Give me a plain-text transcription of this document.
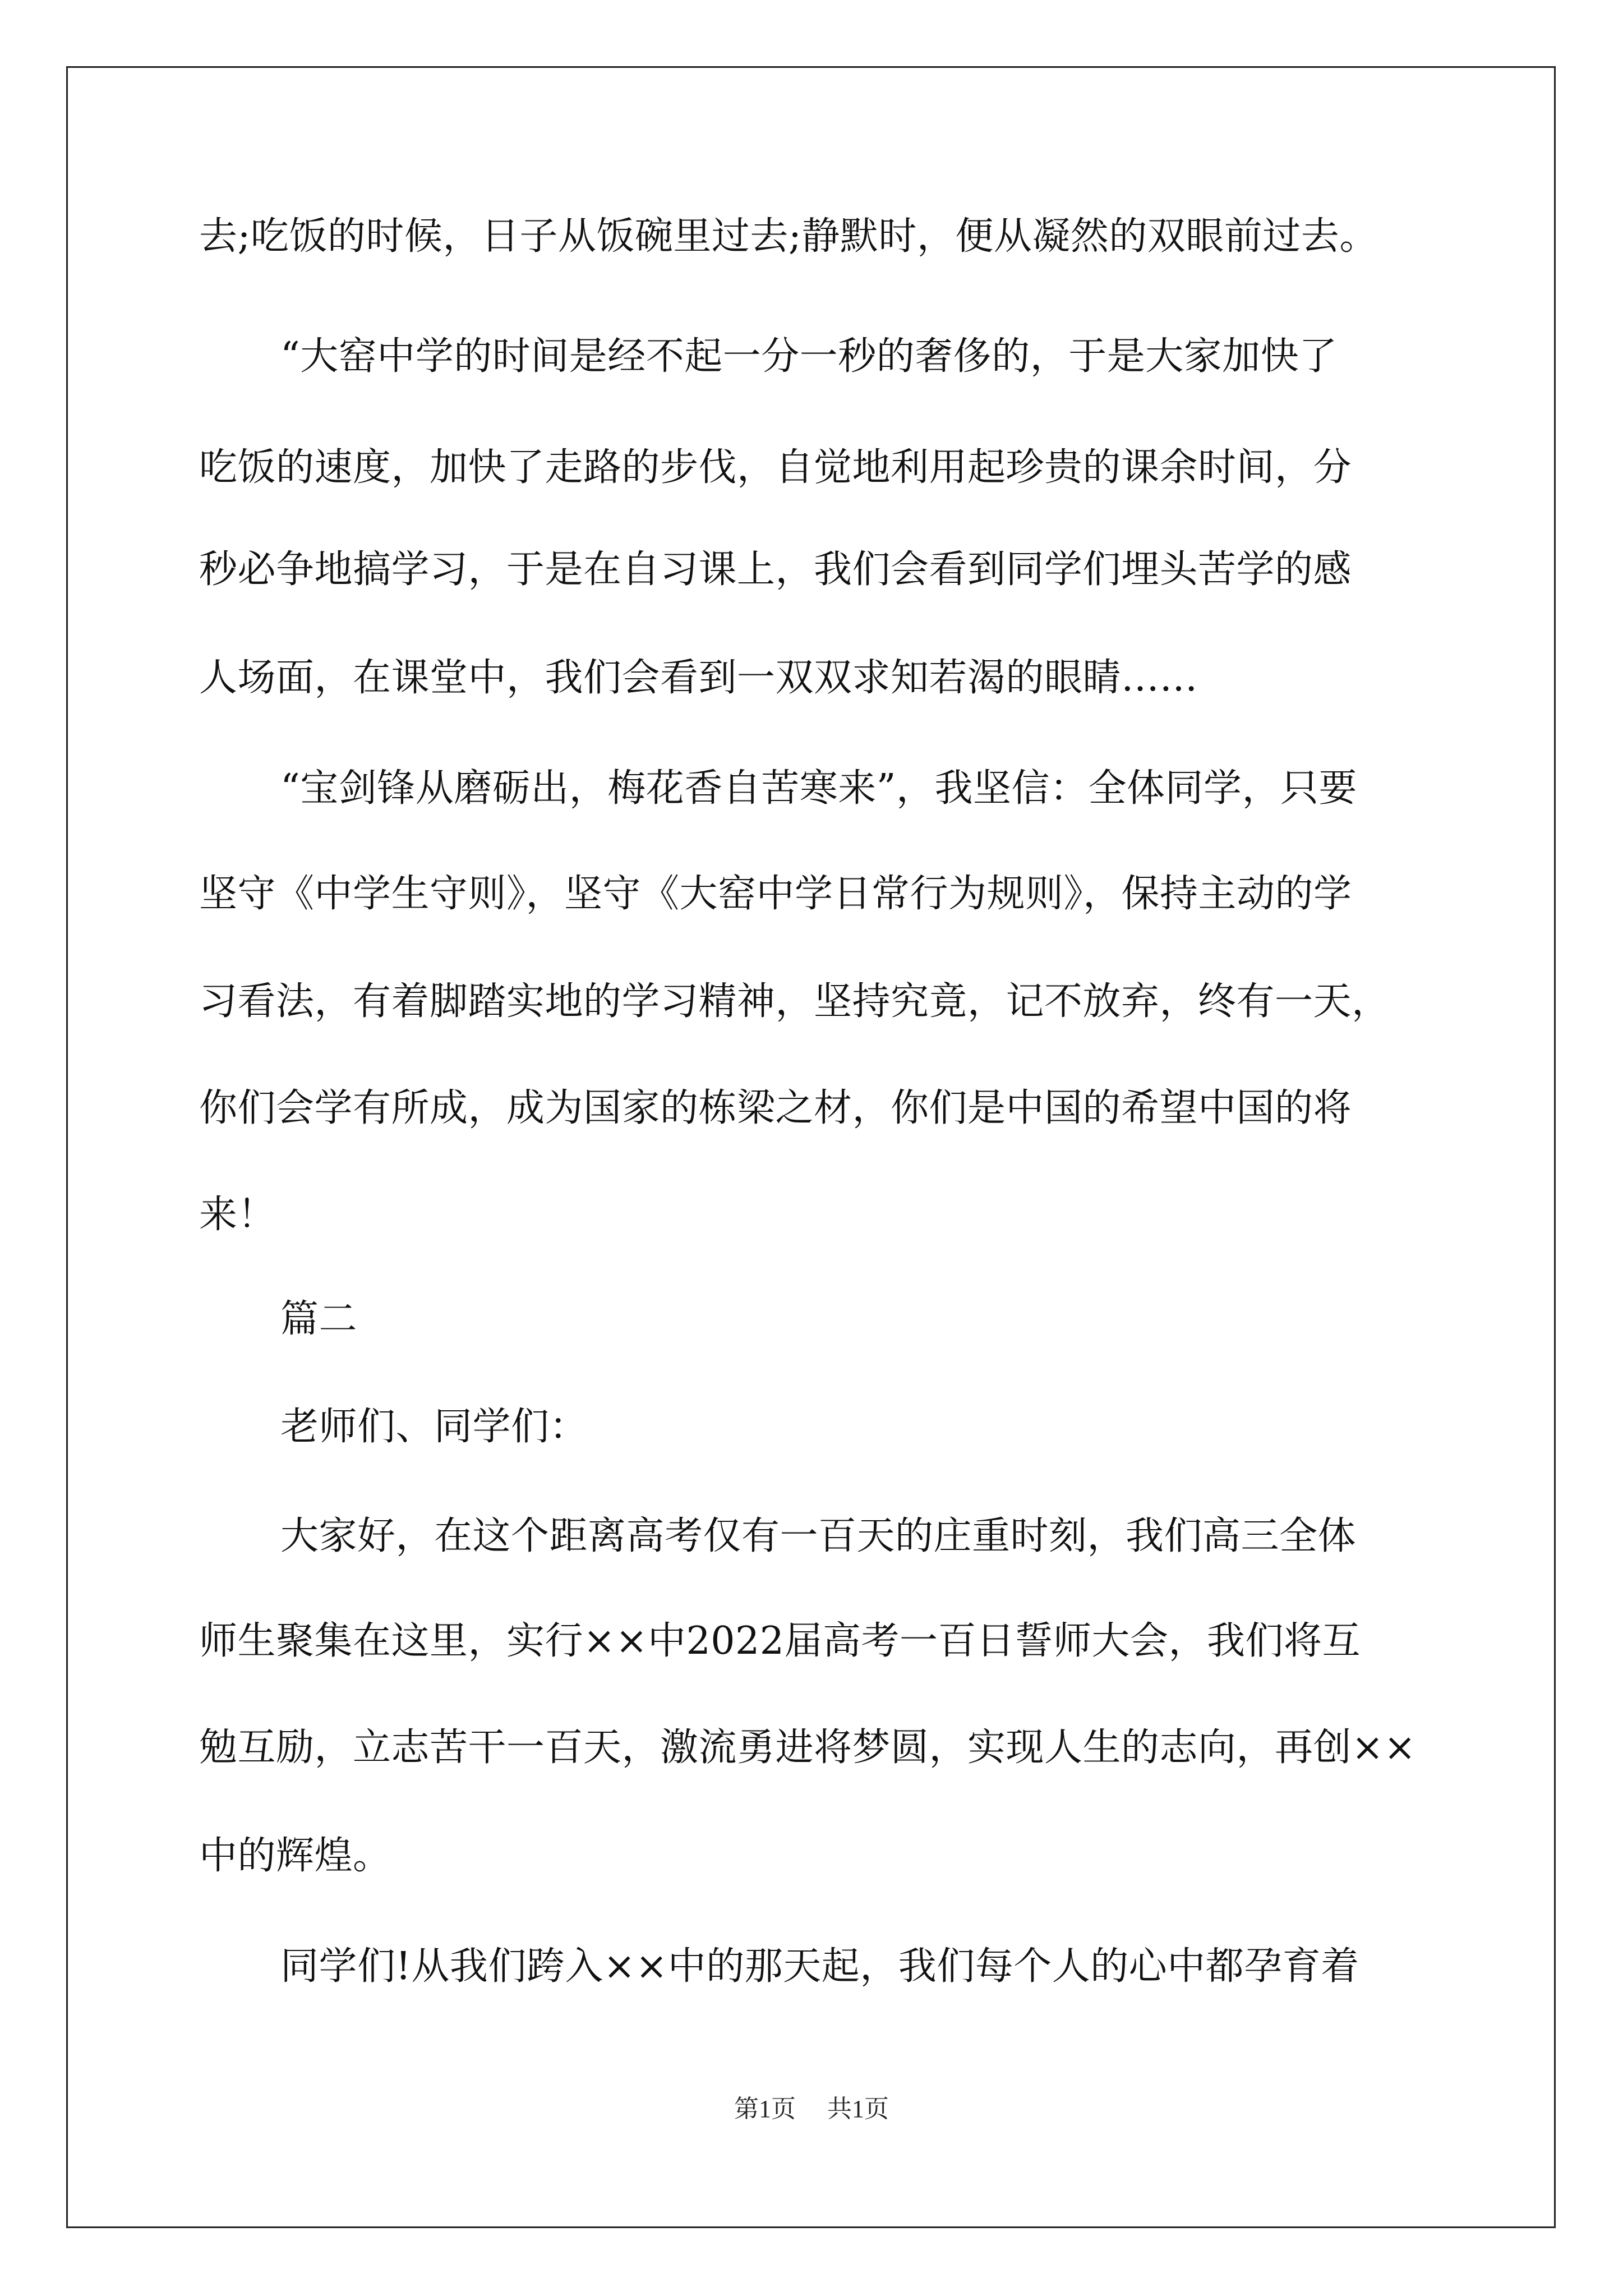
去;吃饭的时候，日子从饭碗里过去;静默时，便从凝然的双眼前过去。
“大窑中学的时间是经不起一分一秒的奢侈的，于是大家加快了
吃饭的速度，加快了走路的步伐，自觉地利用起珍贵的课余时间，分
秒必争地搞学习，于是在自习课上，我们会看到同学们埋头苦学的感
人场面，在课堂中，我们会看到一双双求知若渴的眼睛……
“宝剑锋从磨砺出，梅花香自苦寒来”，我坚信：全体同学，只要
坚守《中学生守则》，坚守《大窑中学日常行为规则》，保持主动的学
习看法，有着脚踏实地的学习精神，坚持究竟，记不放弃，终有一天，
你们会学有所成，成为国家的栋梁之材，你们是中国的希望中国的将
来！
篇二
老师们、同学们：
大家好，在这个距离高考仅有一百天的庄重时刻，我们高三全体
师生聚集在这里，实行××中2022届高考一百日誓师大会，我们将互
勉互励，立志苦干一百天，激流勇进将梦圆，实现人生的志向，再创××
中的辉煌。
同学们!从我们跨入××中的那天起，我们每个人的心中都孕育着
第1页 共1页
